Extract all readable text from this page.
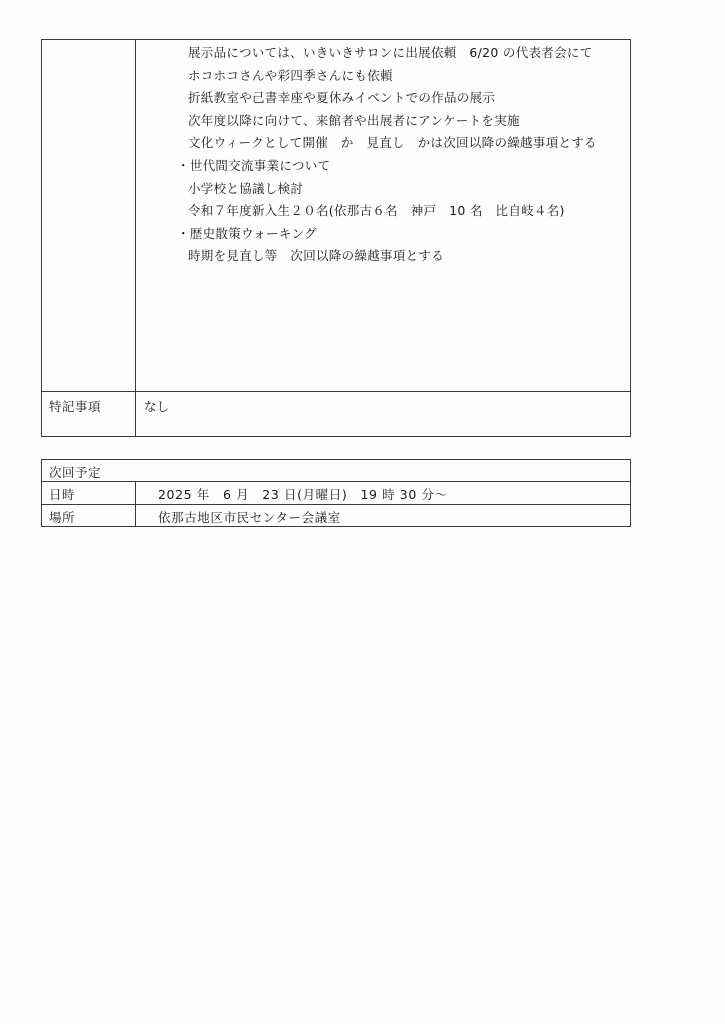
展示品については、いきいきサロンに出展依頼　6/20 の代表者会にて
ホコホコさんや彩四季さんにも依頼
折紙教室や己書幸座や夏休みイベントでの作品の展示
次年度以降に向けて、来館者や出展者にアンケートを実施
文化ウィークとして開催　か　見直し　かは次回以降の繰越事項とする
・世代間交流事業について
小学校と協議し検討
令和７年度新入生２０名(依那古６名　神戸　10 名　比自岐４名)
・歴史散策ウォーキング
時期を見直し等　次回以降の繰越事項とする
特記事項	なし
次回予定
日時	2025 年　6 月　23 日(月曜日)　19 時 30 分～
場所	依那古地区市民センター会議室
